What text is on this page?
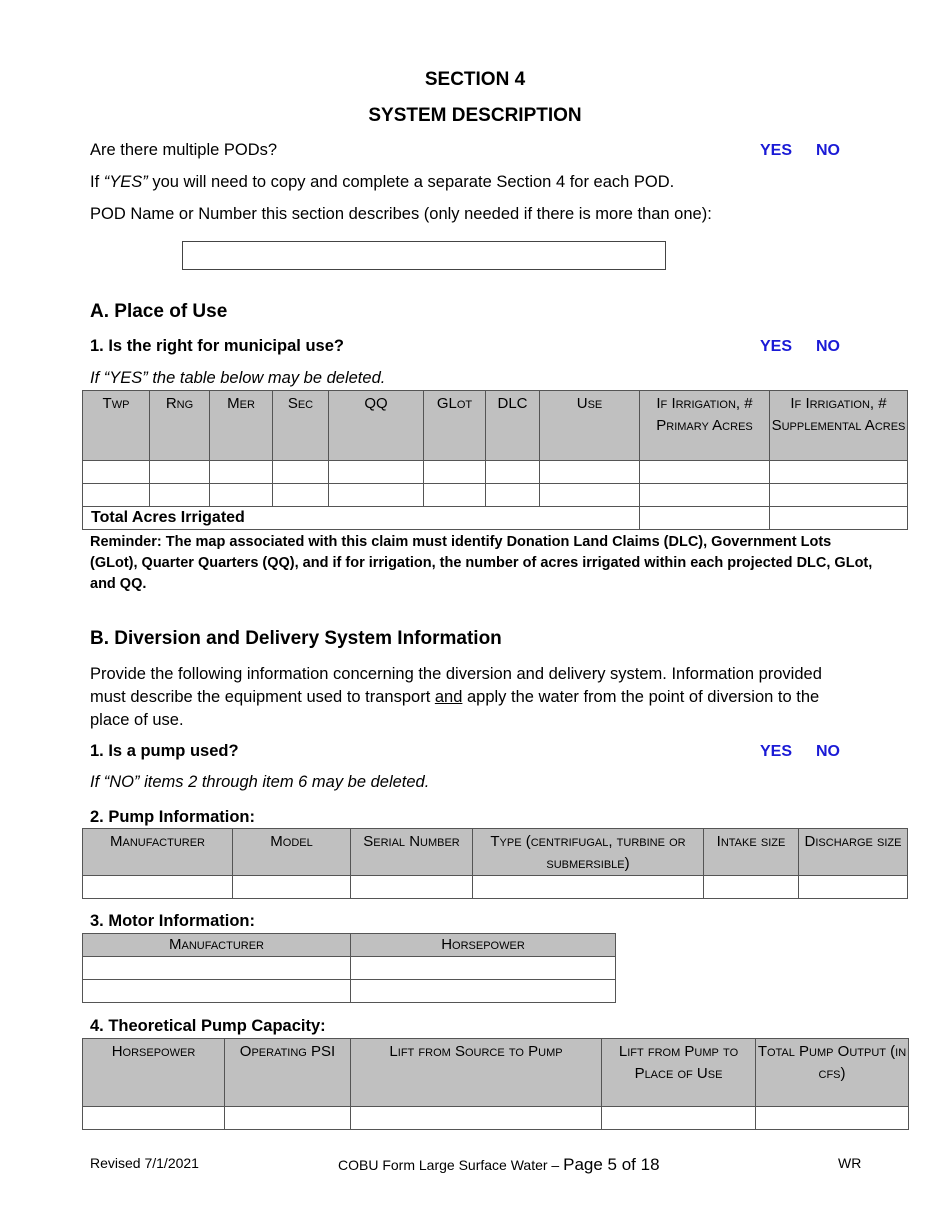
SECTION 4
SYSTEM DESCRIPTION
Are there multiple PODs?	YES NO
If “YES” you will need to copy and complete a separate Section 4 for each POD.
POD Name or Number this section describes (only needed if there is more than one):
A. Place of Use
1. Is the right for municipal use?	YES NO
If “YES” the table below may be deleted.
Twp	Rng	Mer	Sec	QQ	GLot	DLC	Use	If Irrigation, # Primary Acres	If Irrigation, # Supplemental Acres

Total Acres Irrigated									
Reminder: The map associated with this claim must identify Donation Land Claims (DLC), Government Lots (GLot), Quarter Quarters (QQ), and if for irrigation, the number of acres irrigated within each projected DLC, GLot, and QQ.
B. Diversion and Delivery System Information
Provide the following information concerning the diversion and delivery system. Information provided must describe the equipment used to transport and apply the water from the point of diversion to the place of use.
1. Is a pump used?	YES NO
If “NO” items 2 through item 6 may be deleted.
2. Pump Information:
Manufacturer	Model	Serial Number	Type (centrifugal, turbine or submersible)	Intake size	Discharge size

3. Motor Information:
Manufacturer	Horsepower

4. Theoretical Pump Capacity:
Horsepower	Operating PSI	Lift from Source to Pump	Lift from Pump to Place of Use	Total Pump Output (in cfs)

Revised 7/1/2021	COBU Form Large Surface Water – Page 5 of 18	WR
